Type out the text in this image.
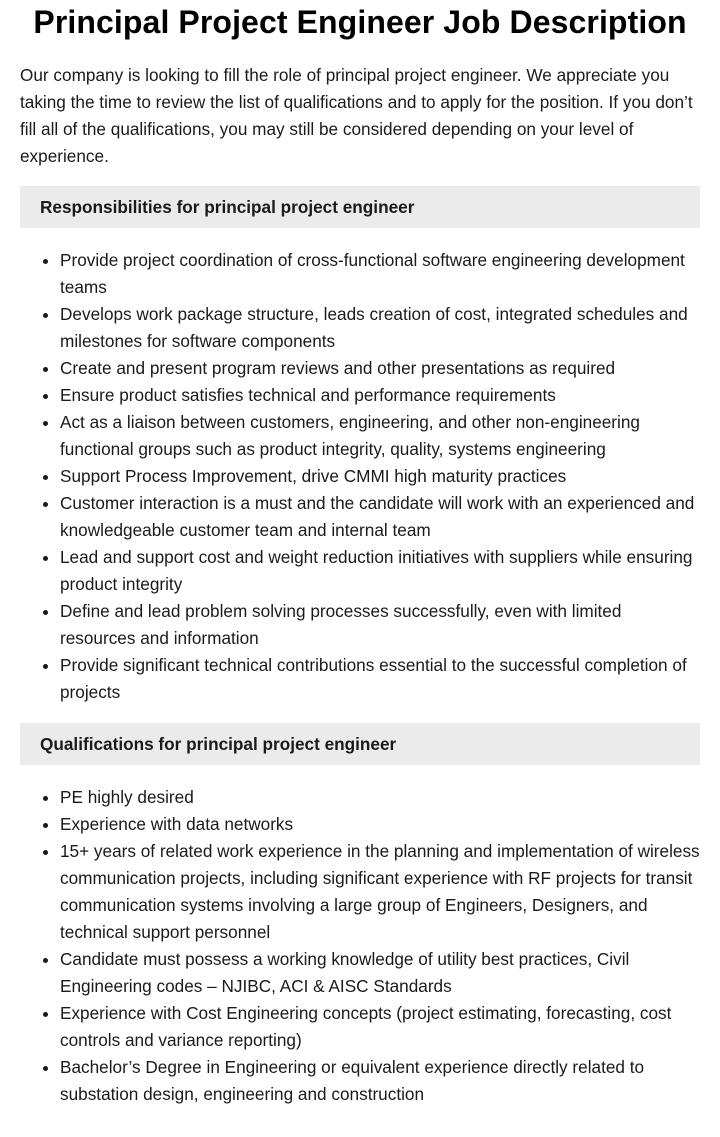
Principal Project Engineer Job Description

Our company is looking to fill the role of principal project engineer. We appreciate you taking the time to review the list of qualifications and to apply for the position. If you don’t fill all of the qualifications, you may still be considered depending on your level of experience.

Responsibilities for principal project engineer
• Provide project coordination of cross-functional software engineering development teams
• Develops work package structure, leads creation of cost, integrated schedules and milestones for software components
• Create and present program reviews and other presentations as required
• Ensure product satisfies technical and performance requirements
• Act as a liaison between customers, engineering, and other non-engineering functional groups such as product integrity, quality, systems engineering
• Support Process Improvement, drive CMMI high maturity practices
• Customer interaction is a must and the candidate will work with an experienced and knowledgeable customer team and internal team
• Lead and support cost and weight reduction initiatives with suppliers while ensuring product integrity
• Define and lead problem solving processes successfully, even with limited resources and information
• Provide significant technical contributions essential to the successful completion of projects
Qualifications for principal project engineer
• PE highly desired
• Experience with data networks
• 15+ years of related work experience in the planning and implementation of wireless communication projects, including significant experience with RF projects for transit communication systems involving a large group of Engineers, Designers, and technical support personnel
• Candidate must possess a working knowledge of utility best practices, Civil Engineering codes – NJIBC, ACI & AISC Standards
• Experience with Cost Engineering concepts (project estimating, forecasting, cost controls and variance reporting)
• Bachelor’s Degree in Engineering or equivalent experience directly related to substation design, engineering and construction
